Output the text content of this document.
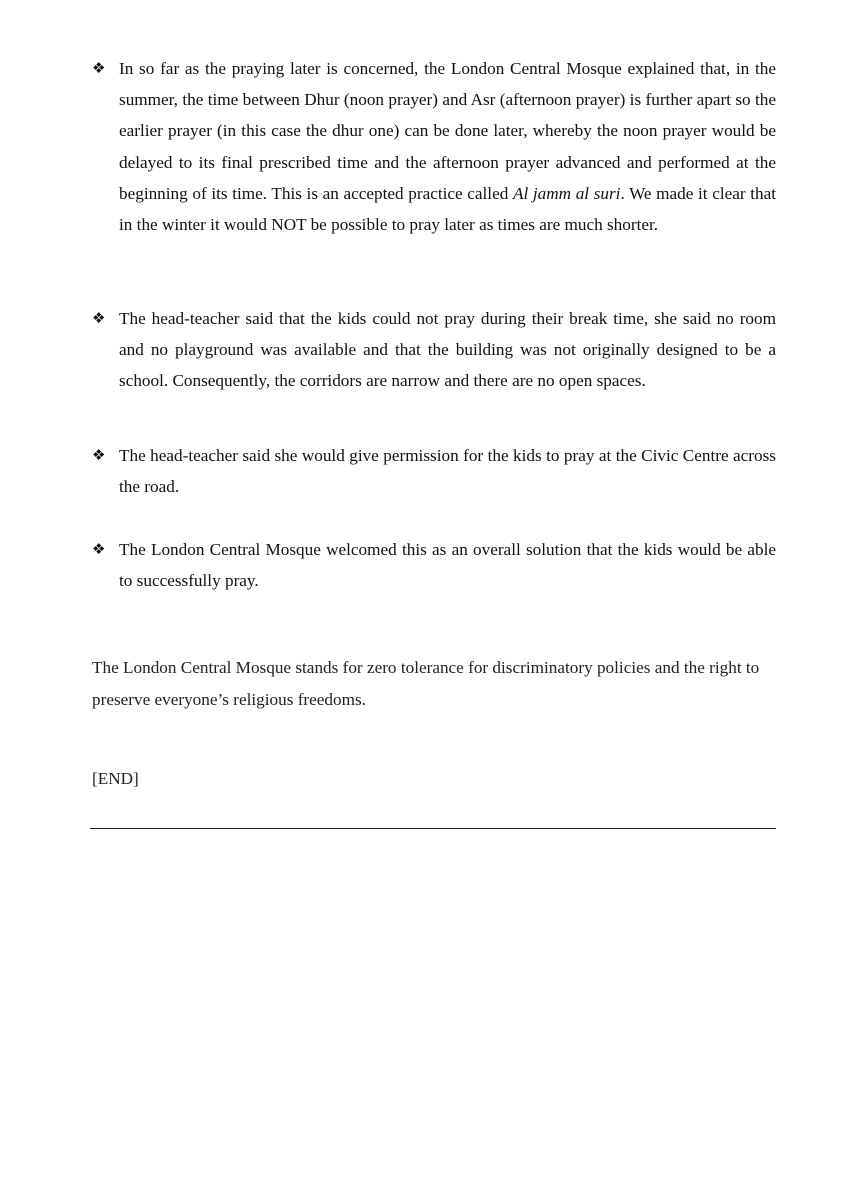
❖ In so far as the praying later is concerned, the London Central Mosque explained that, in the summer, the time between Dhur (noon prayer) and Asr (afternoon prayer) is further apart so the earlier prayer (in this case the dhur one) can be done later, whereby the noon prayer would be delayed to its final prescribed time and the afternoon prayer advanced and performed at the beginning of its time. This is an accepted practice called Al jamm al suri. We made it clear that in the winter it would NOT be possible to pray later as times are much shorter.
❖ The head-teacher said that the kids could not pray during their break time, she said no room and no playground was available and that the building was not originally designed to be a school. Consequently, the corridors are narrow and there are no open spaces.
❖ The head-teacher said she would give permission for the kids to pray at the Civic Centre across the road.
❖ The London Central Mosque welcomed this as an overall solution that the kids would be able to successfully pray.

The London Central Mosque stands for zero tolerance for discriminatory policies and the right to preserve everyone’s religious freedoms.

[END]
